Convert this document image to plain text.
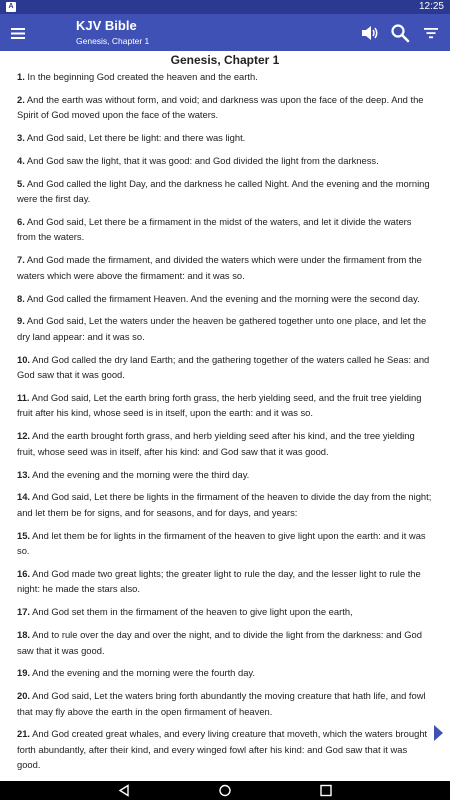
A	12:25
KJV Bible
Genesis, Chapter 1
Genesis, Chapter 1
1. In the beginning God created the heaven and the earth.
2. And the earth was without form, and void; and darkness was upon the face of the deep. And the Spirit of God moved upon the face of the waters.
3. And God said, Let there be light: and there was light.
4. And God saw the light, that it was good: and God divided the light from the darkness.
5. And God called the light Day, and the darkness he called Night. And the evening and the morning were the first day.
6. And God said, Let there be a firmament in the midst of the waters, and let it divide the waters from the waters.
7. And God made the firmament, and divided the waters which were under the firmament from the waters which were above the firmament: and it was so.
8. And God called the firmament Heaven. And the evening and the morning were the second day.
9. And God said, Let the waters under the heaven be gathered together unto one place, and let the dry land appear: and it was so.
10. And God called the dry land Earth; and the gathering together of the waters called he Seas: and God saw that it was good.
11. And God said, Let the earth bring forth grass, the herb yielding seed, and the fruit tree yielding fruit after his kind, whose seed is in itself, upon the earth: and it was so.
12. And the earth brought forth grass, and herb yielding seed after his kind, and the tree yielding fruit, whose seed was in itself, after his kind: and God saw that it was good.
13. And the evening and the morning were the third day.
14. And God said, Let there be lights in the firmament of the heaven to divide the day from the night; and let them be for signs, and for seasons, and for days, and years:
15. And let them be for lights in the firmament of the heaven to give light upon the earth: and it was so.
16. And God made two great lights; the greater light to rule the day, and the lesser light to rule the night: he made the stars also.
17. And God set them in the firmament of the heaven to give light upon the earth,
18. And to rule over the day and over the night, and to divide the light from the darkness: and God saw that it was good.
19. And the evening and the morning were the fourth day.
20. And God said, Let the waters bring forth abundantly the moving creature that hath life, and fowl that may fly above the earth in the open firmament of heaven.
21. And God created great whales, and every living creature that moveth, which the waters brought forth abundantly, after their kind, and every winged fowl after his kind: and God saw that it was good.
